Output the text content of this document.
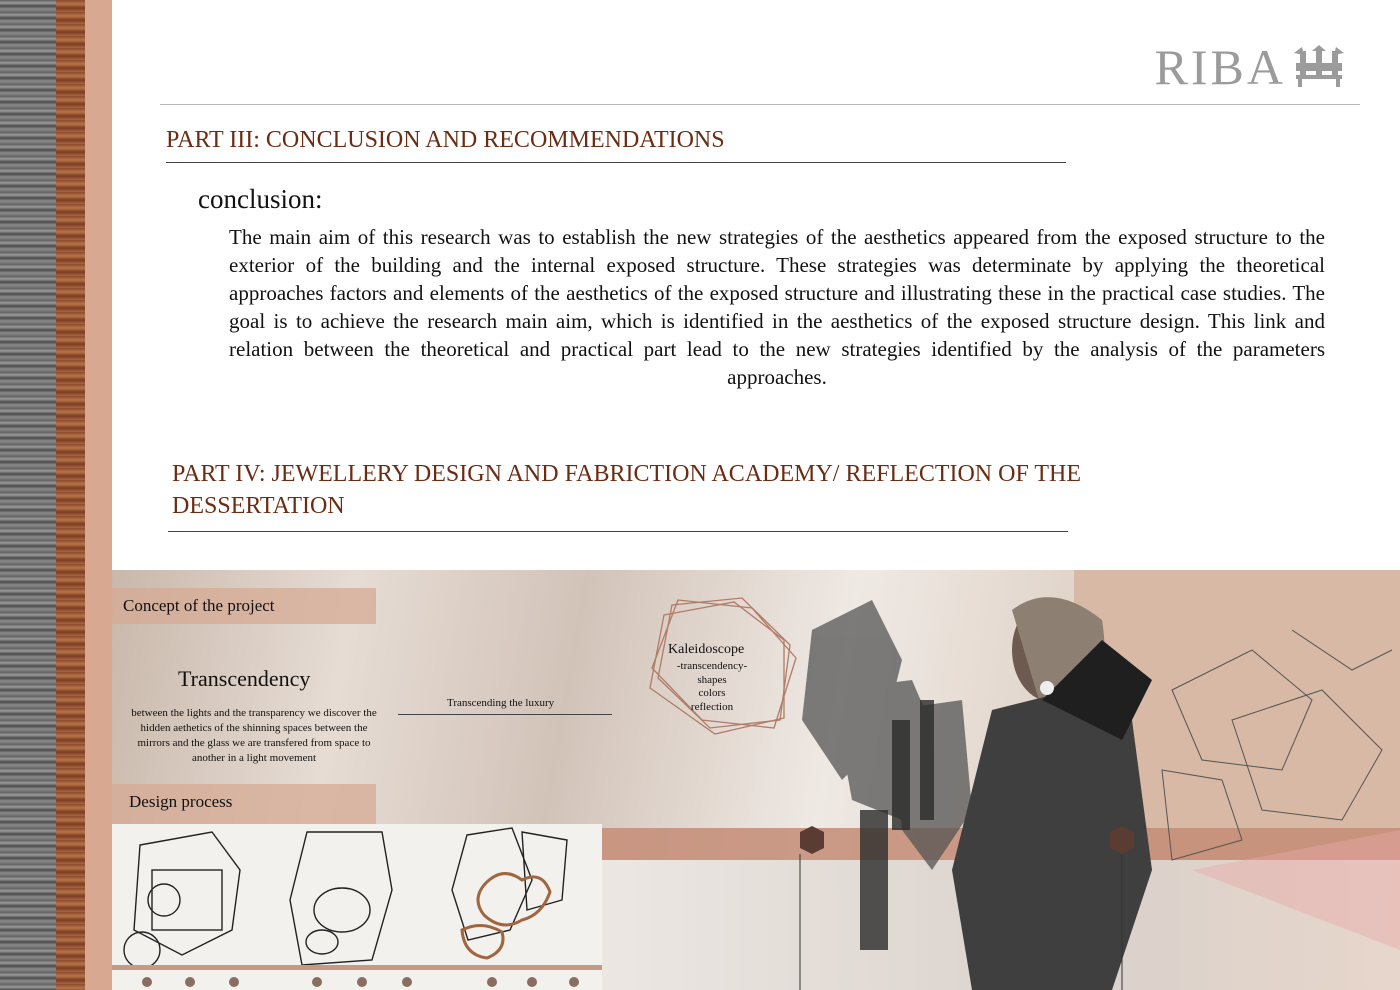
RIBA
PART III: CONCLUSION AND RECOMMENDATIONS
conclusion:

The main aim of this research was to establish the new strategies of the aesthetics appeared from the exposed structure to the exterior of the building and the internal exposed structure. These strategies was determinate by applying the theoretical approaches factors and elements of the aesthetics of the exposed structure and illustrating these in the practical case studies. The goal is to achieve the research main aim, which is identified in the aesthetics of the exposed structure design. This link and relation between the theoretical and practical part lead to the new strategies identified by the analysis of the parameters approaches.

PART IV: JEWELLERY DESIGN AND FABRICTION ACADEMY/ REFLECTION OF THE DESSERTATION
Concept of the project
Transcendency

between the lights and the transparency we discover the hidden aethetics of the shinning spaces between the mirrors and the glass we are transfered from space to another in a light movement

Transcending the luxury
Kaleidoscope
-transcendency-
shapes
colors
reflection
Design process
